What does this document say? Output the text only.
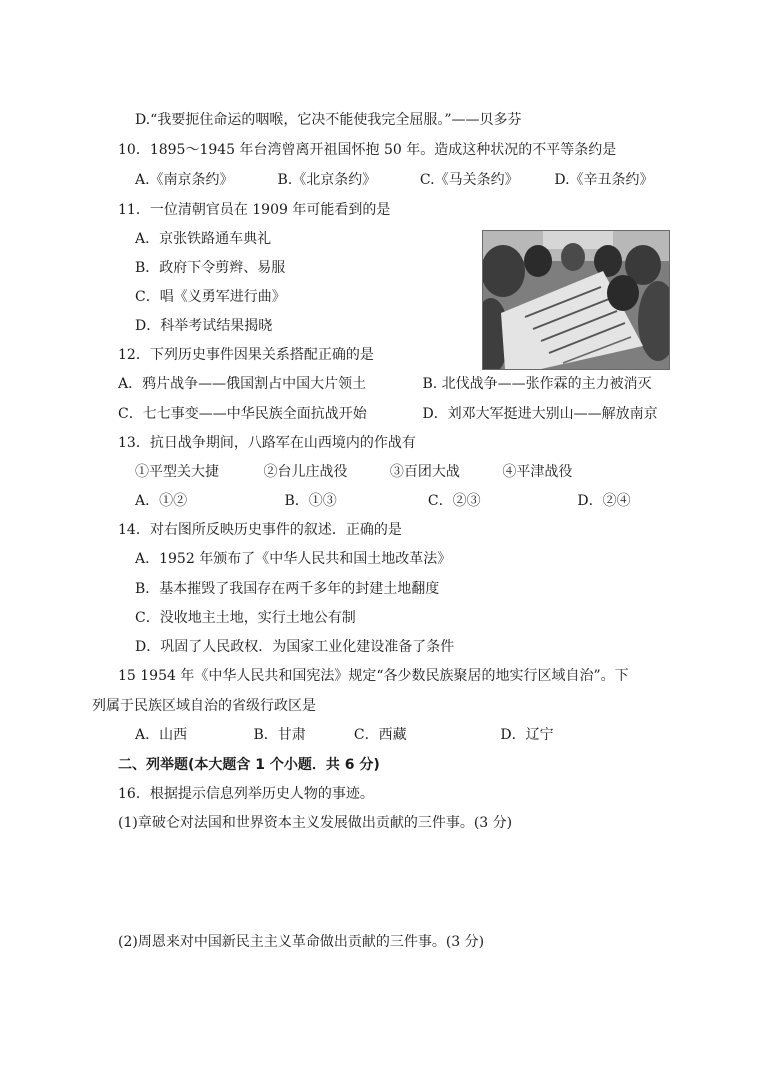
D.“我要扼住命运的咽喉，它决不能使我完全屈服。”——贝多芬
10．1895～1945 年台湾曾离开祖国怀抱 50 年。造成这种状况的不平等条约是
A.《南京条约》	B.《北京条约》	C.《马关条约》	D.《辛丑条约》
11．一位清朝官员在 1909 年可能看到的是
A．京张铁路通车典礼
B．政府下令剪辫、易服
C．唱《义勇军进行曲》
D．科举考试结果揭晓
12．下列历史事件因果关系搭配正确的是
A．鸦片战争——俄国割占中国大片领土	B. 北伐战争——张作霖的主力被消灭
C．七七事变——中华民族全面抗战开始	D．刘邓大军挺进大别山——解放南京
13．抗日战争期间，八路军在山西境内的作战有
①平型关大捷	②台儿庄战役	③百团大战	④平津战役
A．①②	B．①③	C．②③	D．②④
14．对右图所反映历史事件的叙述．正确的是
A．1952 年颁布了《中华人民共和国土地改革法》
B．基本摧毁了我国存在两千多年的封建土地翻度
C．没收地主土地，实行土地公有制
D．巩固了人民政权．为国家工业化建设准备了条件
15 1954 年《中华人民共和国宪法》规定“各少数民族聚居的地实行区域自治”。下
列属于民族区域自治的省级行政区是
A．山西	B．甘肃	C．西藏	D．辽宁
二、列举题(本大题含 1 个小题．共 6 分)
16．根据提示信息列举历史人物的事迹。
(1)章破仑对法国和世界资本主义发展做出贡献的三件事。(3 分)
(2)周恩来对中国新民主主义革命做出贡献的三件事。(3 分)
